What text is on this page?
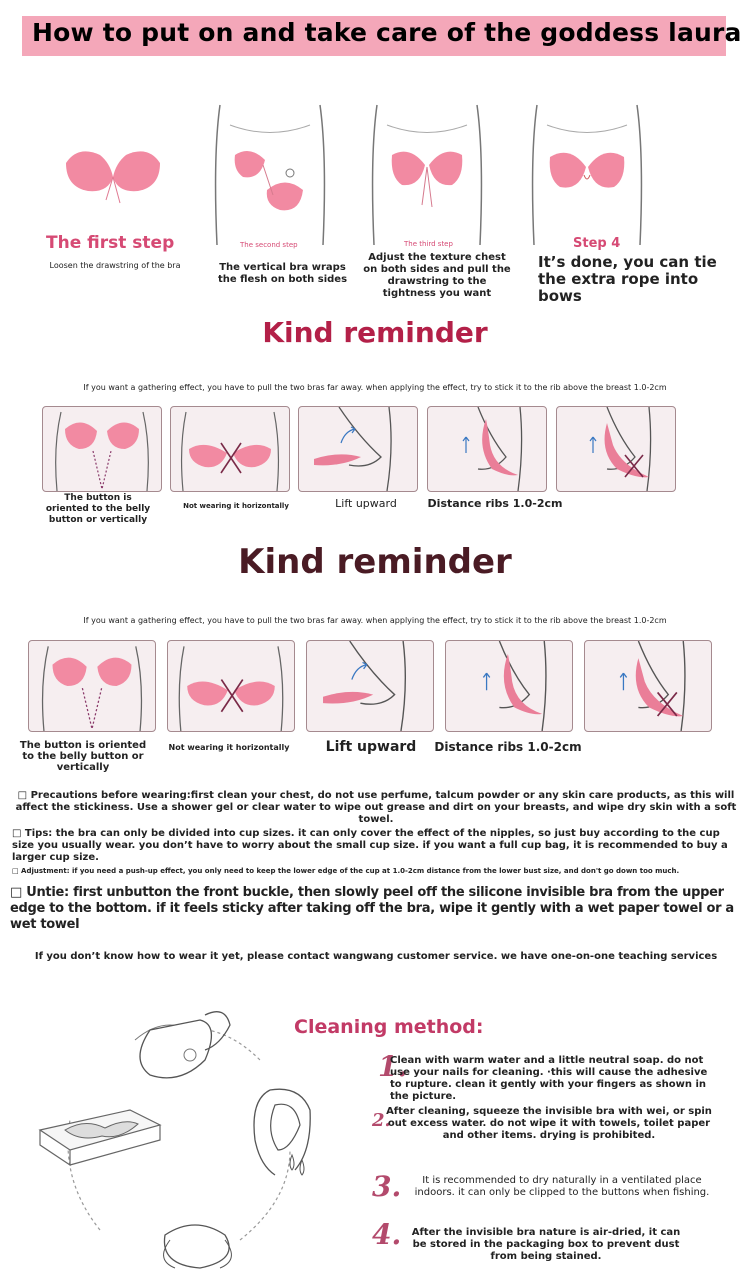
How to put on and take care of the goddess laura
The first step
Loosen the drawstring of the bra
The second step
The vertical bra wraps the flesh on both sides
The third step
Adjust the texture chest on both sides and pull the drawstring to the tightness you want
Step 4
It’s done, you can tie the extra rope into bows
Kind reminder
If you want a gathering effect, you have to pull the two bras far away. when applying the effect, try to stick it to the rib above the breast 1.0-2cm
The button is oriented to the belly button or vertically
Not wearing it horizontally	Lift upward	Distance ribs 1.0-2cm
Kind reminder
If you want a gathering effect, you have to pull the two bras far away. when applying the effect, try to stick it to the rib above the breast 1.0-2cm
The button is oriented to the belly button or vertically
Not wearing it horizontally	Lift upward	Distance ribs 1.0-2cm
□ Precautions before wearing:first clean your chest, do not use perfume, talcum powder or any skin care products, as this will affect the stickiness. Use a shower gel or clear water to wipe out grease and dirt on your breasts, and wipe dry skin with a soft towel.
□ Tips: the bra can only be divided into cup sizes. it can only cover the effect of the nipples, so just buy according to the cup size you usually wear. you don’t have to worry about the small cup size. if you want a full cup bag, it is recommended to buy a larger cup size.
□ Adjustment: if you need a push-up effect, you only need to keep the lower edge of the cup at 1.0-2cm distance from the lower bust size, and don't go down too much.
□ Untie: first unbutton the front buckle, then slowly peel off the silicone invisible bra from the upper edge to the bottom. if it feels sticky after taking off the bra, wipe it gently with a wet paper towel or a wet towel
If you don’t know how to wear it yet, please contact wangwang customer service. we have one-on-one teaching services
Cleaning method:
1.
Clean with warm water and a little neutral soap. do not use your nails for cleaning. ·this will cause the adhesive to rupture. clean it gently with your fingers as shown in the picture.
2.
After cleaning, squeeze the invisible bra with wei, or spin out excess water. do not wipe it with towels, toilet paper and other items. drying is prohibited.
3.	It is recommended to dry naturally in a ventilated place indoors. it can only be clipped to the buttons when fishing.
4. After the invisible bra nature is air-dried, it can be stored in the packaging box to prevent dust from being stained.
